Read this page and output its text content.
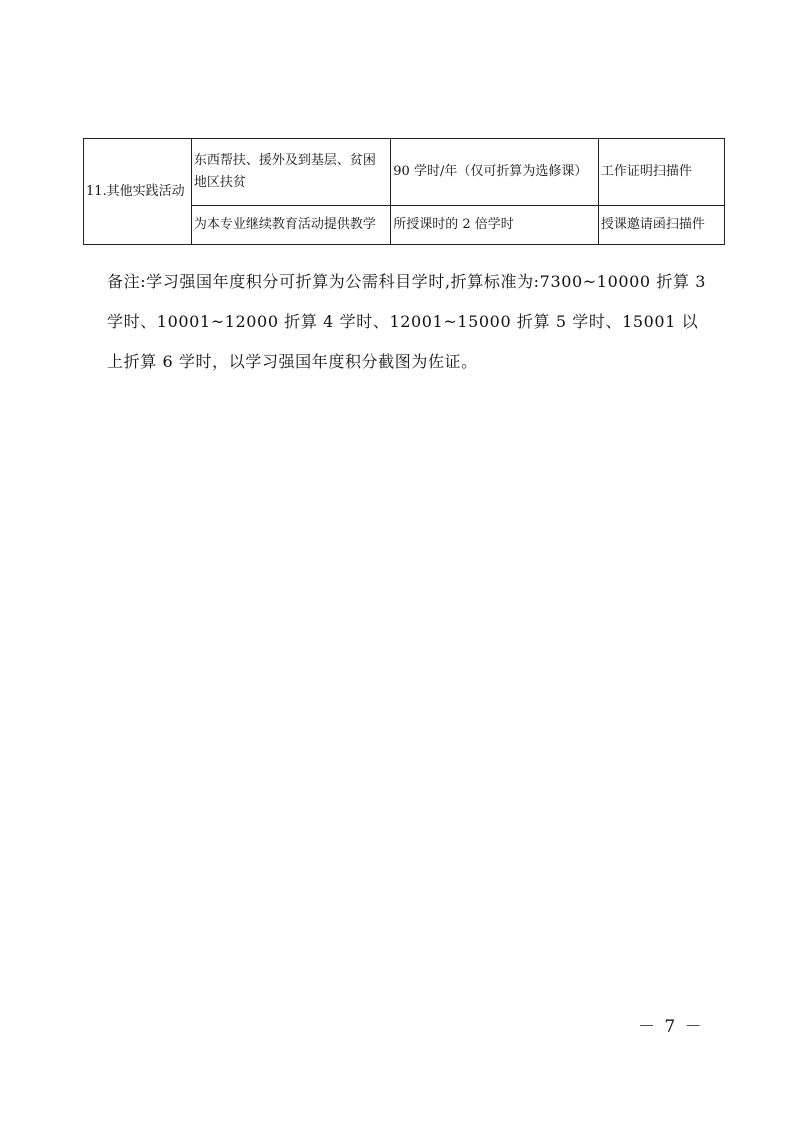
11.其他实践活动	东西帮扶、援外及到基层、贫困地区扶贫	90 学时/年（仅可折算为选修课）	工作证明扫描件
	为本专业继续教育活动提供教学	所授课时的 2 倍学时	授课邀请函扫描件

备注:学习强国年度积分可折算为公需科目学时,折算标准为:7300~10000 折算 3 学时、10001~12000 折算 4 学时、12001~15000 折算 5 学时、15001 以上折算 6 学时，以学习强国年度积分截图为佐证。

－ 7 －
